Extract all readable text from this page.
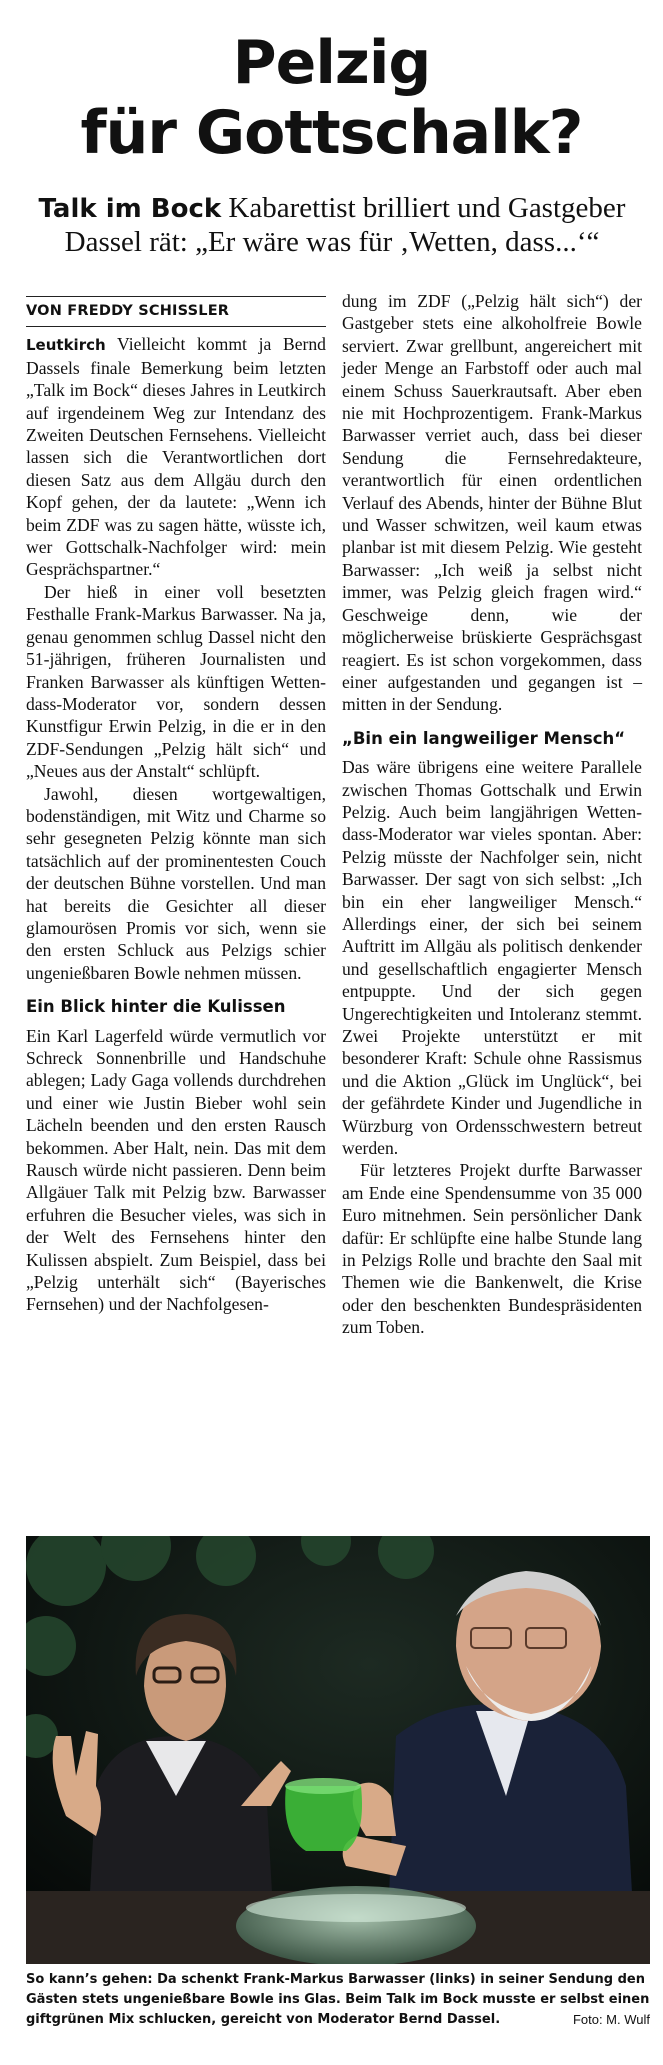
Pelzig
für Gottschalk?
Talk im Bock Kabarettist brilliert und Gastgeber Dassel rät: „Er wäre was für ‚Wetten, dass...‘“
VON FREDDY SCHISSLER

Leutkirch Vielleicht kommt ja Bernd Dassels finale Bemerkung beim letzten „Talk im Bock“ dieses Jahres in Leutkirch auf irgendeinem Weg zur Intendanz des Zweiten Deutschen Fernsehens. Vielleicht lassen sich die Verantwortlichen dort diesen Satz aus dem Allgäu durch den Kopf gehen, der da lautete: „Wenn ich beim ZDF was zu sagen hätte, wüsste ich, wer Gottschalk-Nachfolger wird: mein Gesprächspartner.“

Der hieß in einer voll besetzten Festhalle Frank-Markus Barwasser. Na ja, genau genommen schlug Dassel nicht den 51-jährigen, früheren Journalisten und Franken Barwasser als künftigen Wetten-dass-Moderator vor, sondern dessen Kunstfigur Erwin Pelzig, in die er in den ZDF-Sendungen „Pelzig hält sich“ und „Neues aus der Anstalt“ schlüpft.

Jawohl, diesen wortgewaltigen, bodenständigen, mit Witz und Charme so sehr gesegneten Pelzig könnte man sich tatsächlich auf der prominentesten Couch der deutschen Bühne vorstellen. Und man hat bereits die Gesichter all dieser glamourösen Promis vor sich, wenn sie den ersten Schluck aus Pelzigs schier ungenießbaren Bowle nehmen müssen.

Ein Blick hinter die Kulissen

Ein Karl Lagerfeld würde vermutlich vor Schreck Sonnenbrille und Handschuhe ablegen; Lady Gaga vollends durchdrehen und einer wie Justin Bieber wohl sein Lächeln beenden und den ersten Rausch bekommen. Aber Halt, nein. Das mit dem Rausch würde nicht passieren. Denn beim Allgäuer Talk mit Pelzig bzw. Barwasser erfuhren die Besucher vieles, was sich in der Welt des Fernsehens hinter den Kulissen abspielt. Zum Beispiel, dass bei „Pelzig unterhält sich“ (Bayerisches Fernsehen) und der Nachfolgesen-

dung im ZDF („Pelzig hält sich“) der Gastgeber stets eine alkoholfreie Bowle serviert. Zwar grellbunt, angereichert mit jeder Menge an Farbstoff oder auch mal einem Schuss Sauerkrautsaft. Aber eben nie mit Hochprozentigem. Frank-Markus Barwasser verriet auch, dass bei dieser Sendung die Fernsehredakteure, verantwortlich für einen ordentlichen Verlauf des Abends, hinter der Bühne Blut und Wasser schwitzen, weil kaum etwas planbar ist mit diesem Pelzig. Wie gesteht Barwasser: „Ich weiß ja selbst nicht immer, was Pelzig gleich fragen wird.“ Geschweige denn, wie der möglicherweise brüskierte Gesprächsgast reagiert. Es ist schon vorgekommen, dass einer aufgestanden und gegangen ist – mitten in der Sendung.

„Bin ein langweiliger Mensch“

Das wäre übrigens eine weitere Parallele zwischen Thomas Gottschalk und Erwin Pelzig. Auch beim langjährigen Wetten-dass-Moderator war vieles spontan. Aber: Pelzig müsste der Nachfolger sein, nicht Barwasser. Der sagt von sich selbst: „Ich bin ein eher langweiliger Mensch.“ Allerdings einer, der sich bei seinem Auftritt im Allgäu als politisch denkender und gesellschaftlich engagierter Mensch entpuppte. Und der sich gegen Ungerechtigkeiten und Intoleranz stemmt. Zwei Projekte unterstützt er mit besonderer Kraft: Schule ohne Rassismus und die Aktion „Glück im Unglück“, bei der gefährdete Kinder und Jugendliche in Würzburg von Ordensschwestern betreut werden.

Für letzteres Projekt durfte Barwasser am Ende eine Spendensumme von 35 000 Euro mitnehmen. Sein persönlicher Dank dafür: Er schlüpfte eine halbe Stunde lang in Pelzigs Rolle und brachte den Saal mit Themen wie die Bankenwelt, die Krise oder den beschenkten Bundespräsidenten zum Toben.

So kann’s gehen: Da schenkt Frank-Markus Barwasser (links) in seiner Sendung den Gästen stets ungenießbare Bowle ins Glas. Beim Talk im Bock musste er selbst einen giftgrünen Mix schlucken, gereicht von Moderator Bernd Dassel.	Foto: M. Wulf
